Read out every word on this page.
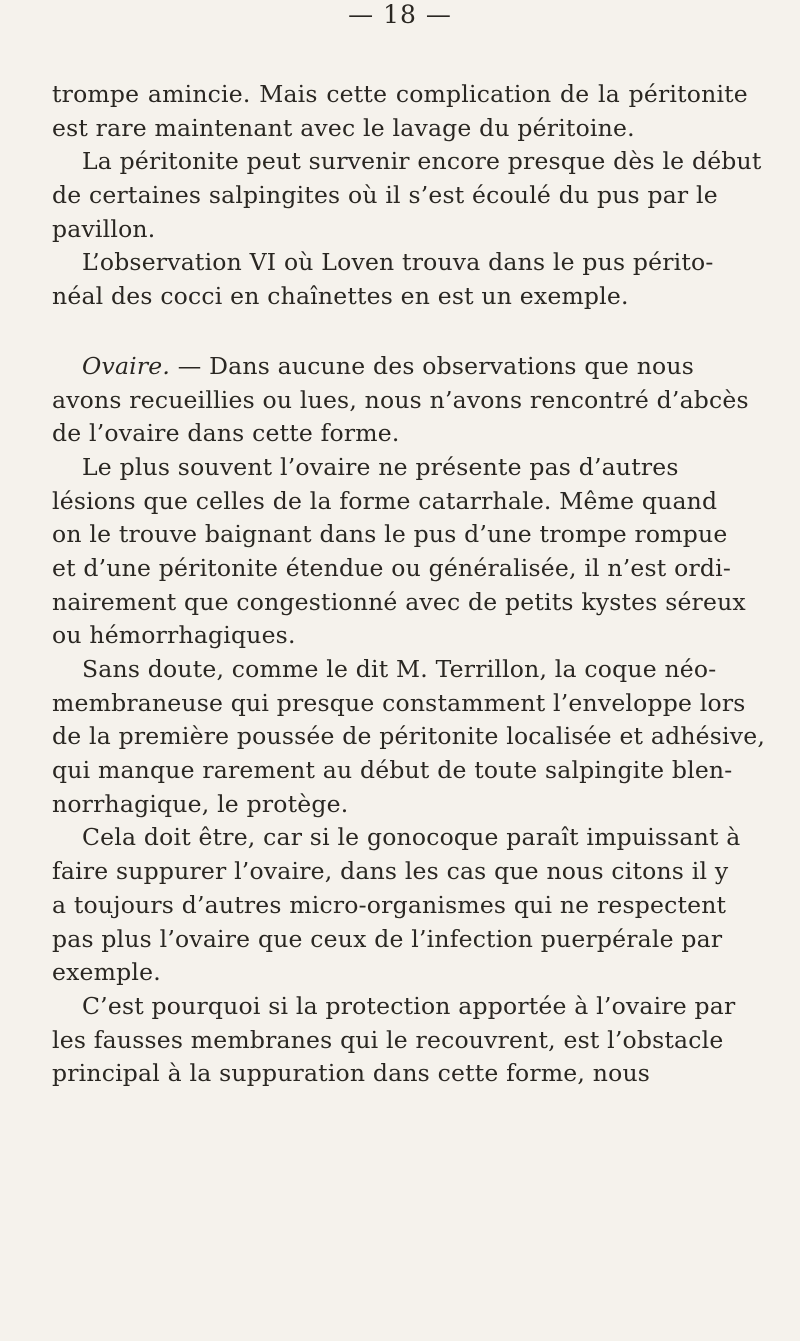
— 18 —
trompe amincie. Mais cette complication de la péritonite
est rare maintenant avec le lavage du péritoine.
La péritonite peut survenir encore presque dès le début
de certaines salpingites où il s’est écoulé du pus par le
pavillon.
L’observation VI où Loven trouva dans le pus périto-
néal des cocci en chaînettes en est un exemple.
Ovaire. — Dans aucune des observations que nous
avons recueillies ou lues, nous n’avons rencontré d’abcès
de l’ovaire dans cette forme.
Le plus souvent l’ovaire ne présente pas d’autres
lésions que celles de la forme catarrhale. Même quand
on le trouve baignant dans le pus d’une trompe rompue
et d’une péritonite étendue ou généralisée, il n’est ordi-
nairement que congestionné avec de petits kystes séreux
ou hémorrhagiques.
Sans doute, comme le dit M. Terrillon, la coque néo-
membraneuse qui presque constamment l’enveloppe lors
de la première poussée de péritonite localisée et adhésive,
qui manque rarement au début de toute salpingite blen-
norrhagique, le protège.
Cela doit être, car si le gonocoque paraît impuissant à
faire suppurer l’ovaire, dans les cas que nous citons il y
a toujours d’autres micro-organismes qui ne respectent
pas plus l’ovaire que ceux de l’infection puerpérale par
exemple.
C’est pourquoi si la protection apportée à l’ovaire par
les fausses membranes qui le recouvrent, est l’obstacle
principal à la suppuration dans cette forme, nous
